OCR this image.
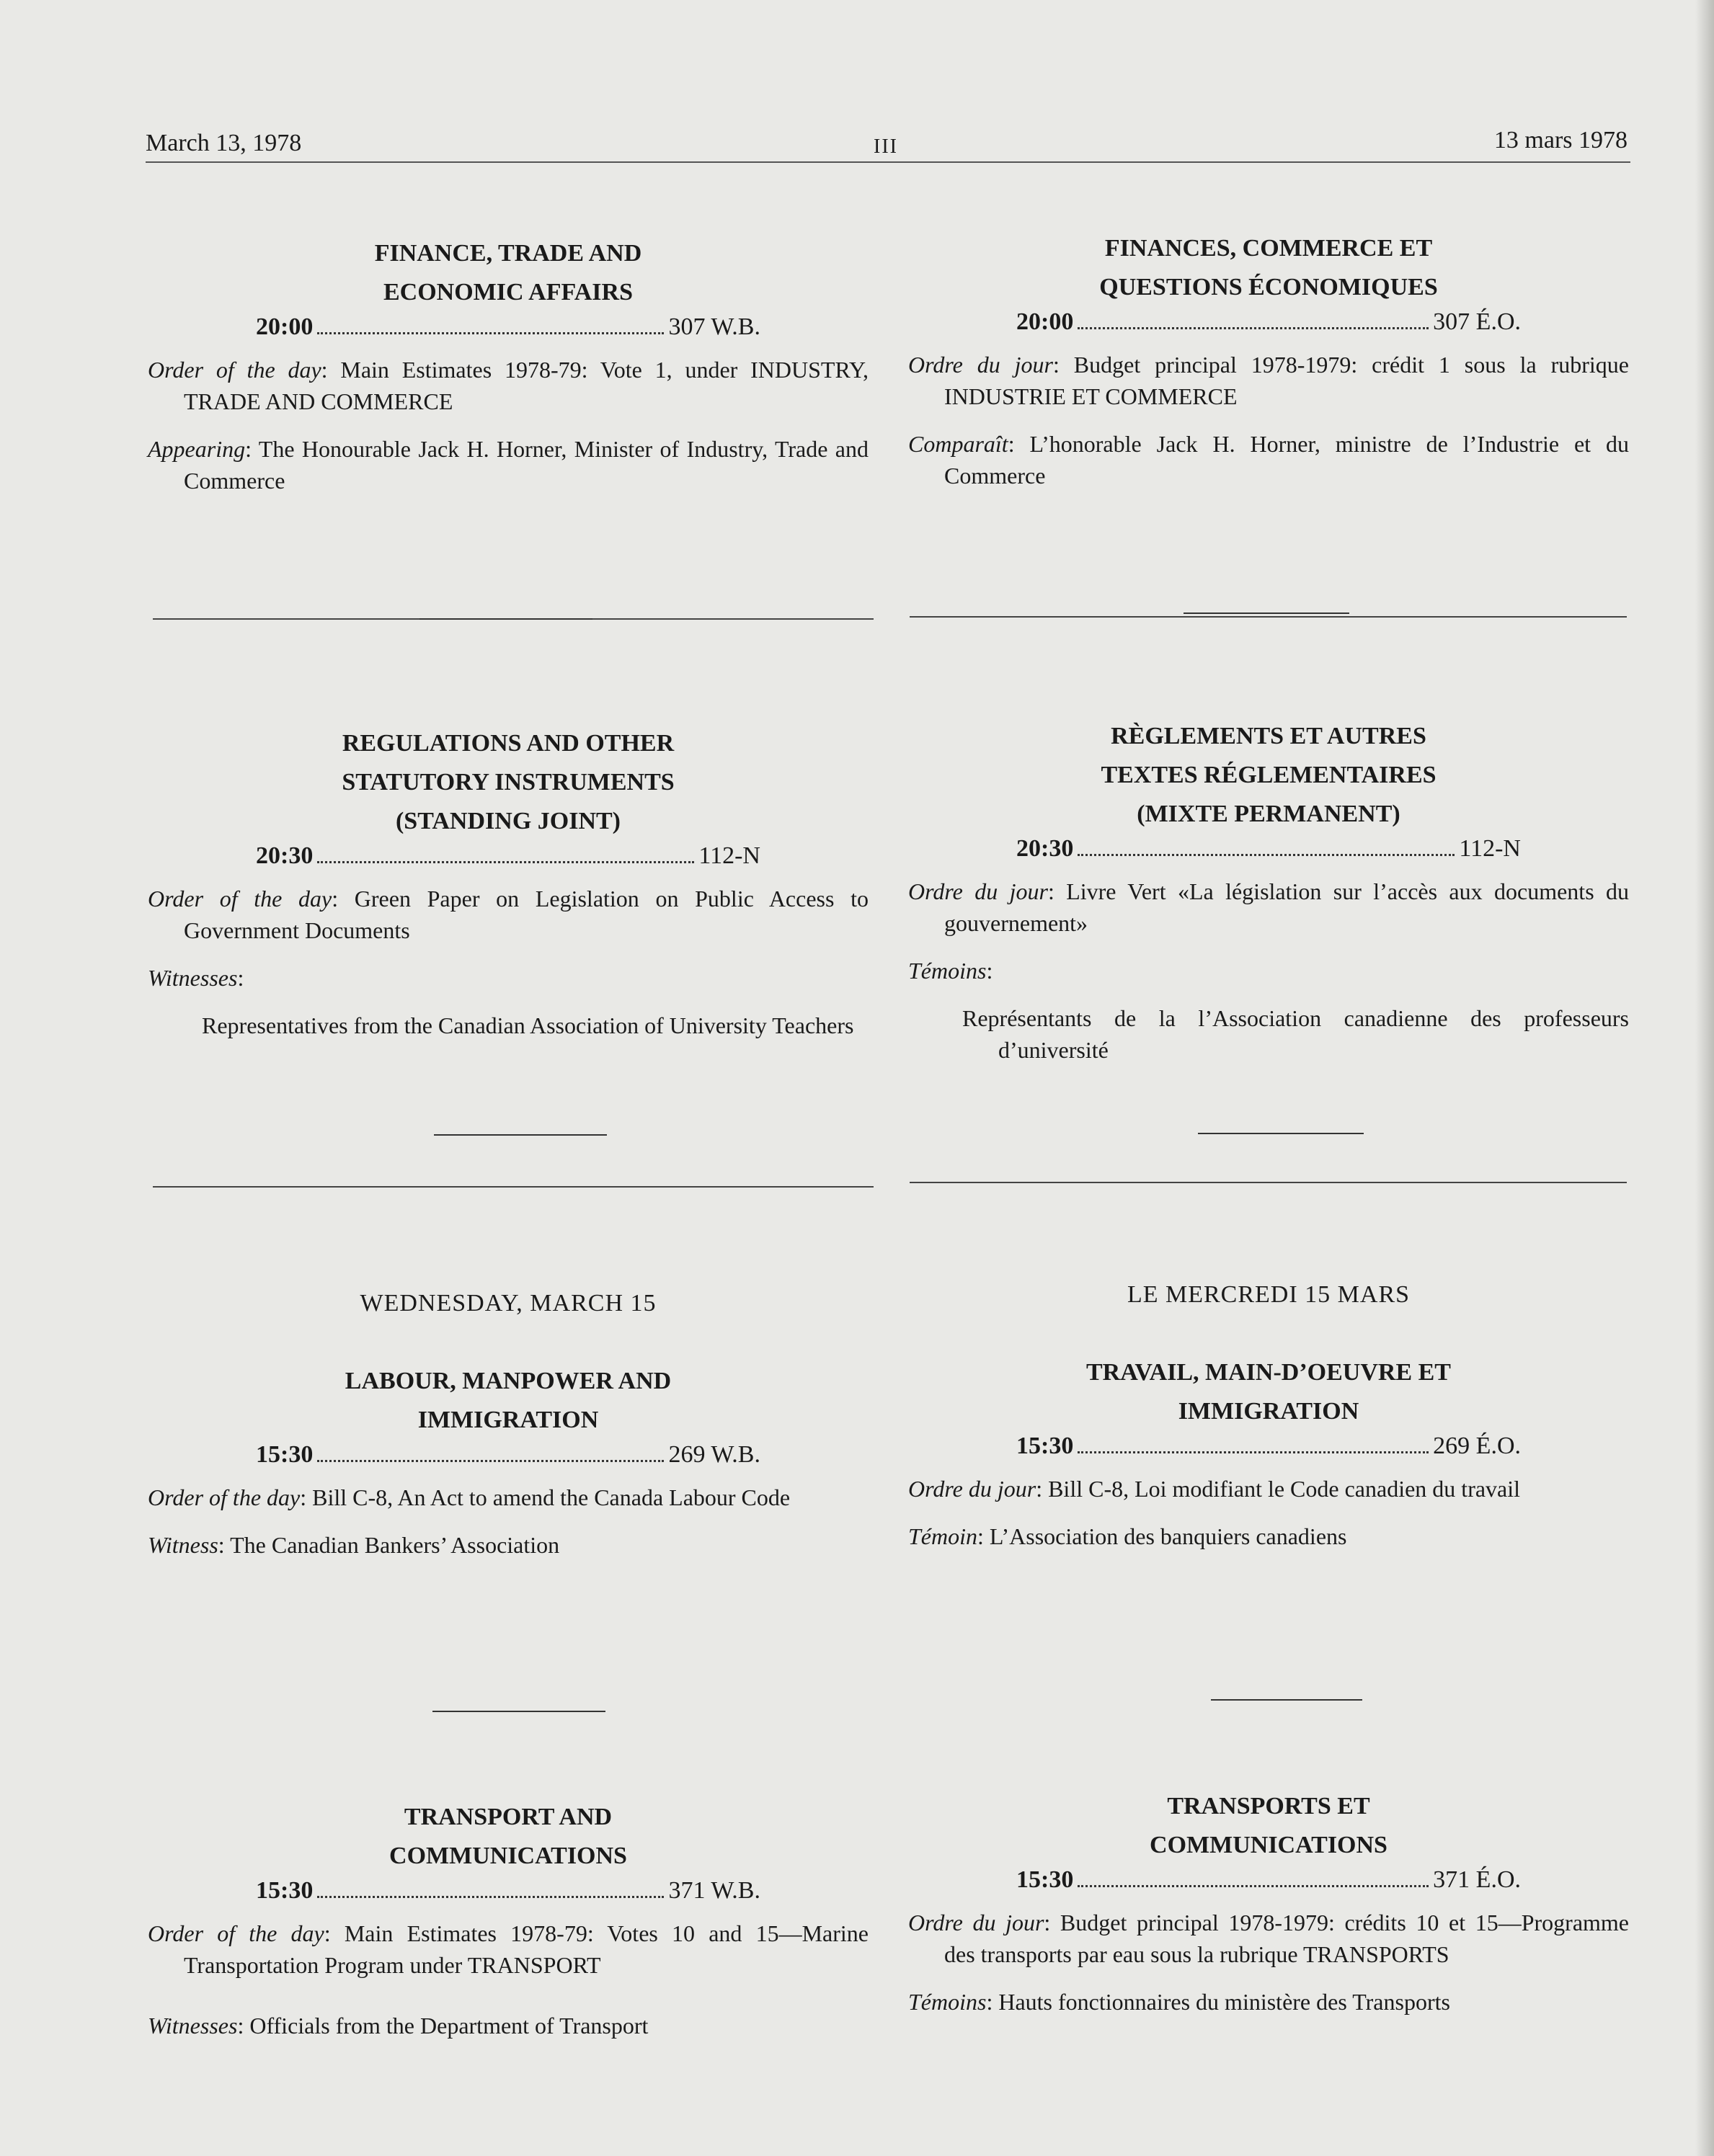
March 13, 1978	III	13 mars 1978

FINANCE, TRADE AND
ECONOMIC AFFAIRS

20:00	307 W.B.

Order of the day: Main Estimates 1978-79: Vote 1, under INDUSTRY, TRADE AND COMMERCE

Appearing: The Honourable Jack H. Horner, Minister of Industry, Trade and Commerce

REGULATIONS AND OTHER
STATUTORY INSTRUMENTS
(STANDING JOINT)

20:30	112-N

Order of the day: Green Paper on Legislation on Public Access to Government Documents

Witnesses:

Representatives from the Canadian Association of University Teachers

WEDNESDAY, MARCH 15

LABOUR, MANPOWER AND
IMMIGRATION

15:30	269 W.B.

Order of the day: Bill C-8, An Act to amend the Canada Labour Code

Witness: The Canadian Bankers’ Association

TRANSPORT AND
COMMUNICATIONS

15:30	371 W.B.

Order of the day: Main Estimates 1978-79: Votes 10 and 15—Marine Transportation Program under TRANSPORT

Witnesses: Officials from the Department of Transport

FINANCES, COMMERCE ET
QUESTIONS ÉCONOMIQUES

20:00	307 É.O.

Ordre du jour: Budget principal 1978-1979: crédit 1 sous la rubrique INDUSTRIE ET COMMERCE

Comparaît: L’honorable Jack H. Horner, ministre de l’Industrie et du Commerce

RÈGLEMENTS ET AUTRES
TEXTES RÉGLEMENTAIRES
(MIXTE PERMANENT)

20:30	112-N

Ordre du jour: Livre Vert «La législation sur l’accès aux documents du gouvernement»

Témoins:

Représentants de la l’Association canadienne des professeurs d’université

LE MERCREDI 15 MARS

TRAVAIL, MAIN-D’OEUVRE ET
IMMIGRATION

15:30	269 É.O.

Ordre du jour: Bill C-8, Loi modifiant le Code canadien du travail

Témoin: L’Association des banquiers canadiens

TRANSPORTS ET
COMMUNICATIONS

15:30	371 É.O.

Ordre du jour: Budget principal 1978-1979: crédits 10 et 15—Programme des transports par eau sous la rubrique TRANSPORTS

Témoins: Hauts fonctionnaires du ministère des Transports
